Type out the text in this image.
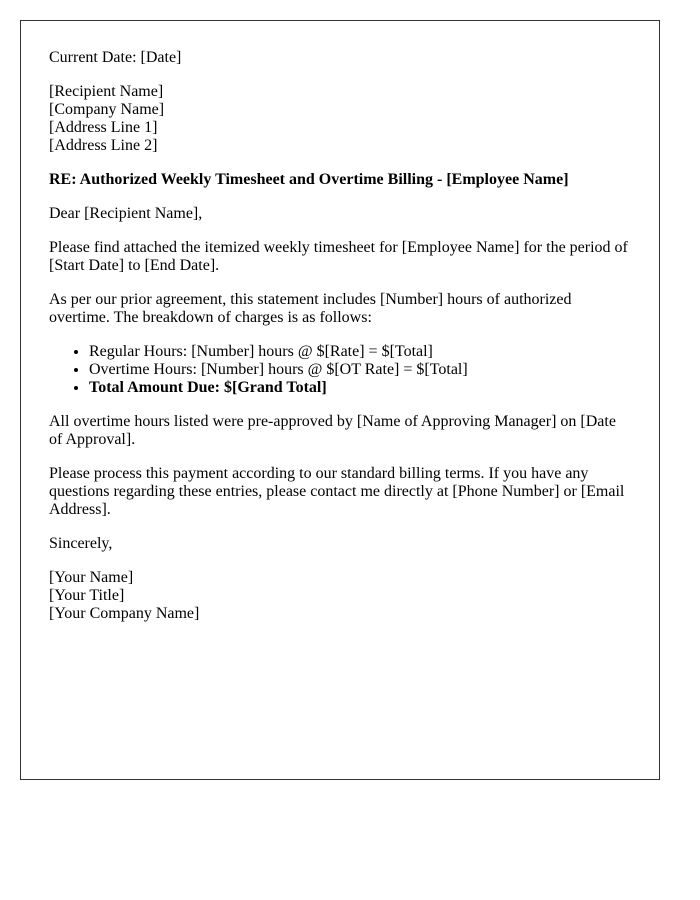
Current Date: [Date]

[Recipient Name]
[Company Name]
[Address Line 1]
[Address Line 2]

RE: Authorized Weekly Timesheet and Overtime Billing - [Employee Name]

Dear [Recipient Name],

Please find attached the itemized weekly timesheet for [Employee Name] for the period of [Start Date] to [End Date].

As per our prior agreement, this statement includes [Number] hours of authorized overtime. The breakdown of charges is as follows:

• Regular Hours: [Number] hours @ $[Rate] = $[Total]
• Overtime Hours: [Number] hours @ $[OT Rate] = $[Total]
• Total Amount Due: $[Grand Total]

All overtime hours listed were pre-approved by [Name of Approving Manager] on [Date of Approval].

Please process this payment according to our standard billing terms. If you have any questions regarding these entries, please contact me directly at [Phone Number] or [Email Address].

Sincerely,

[Your Name]
[Your Title]
[Your Company Name]
